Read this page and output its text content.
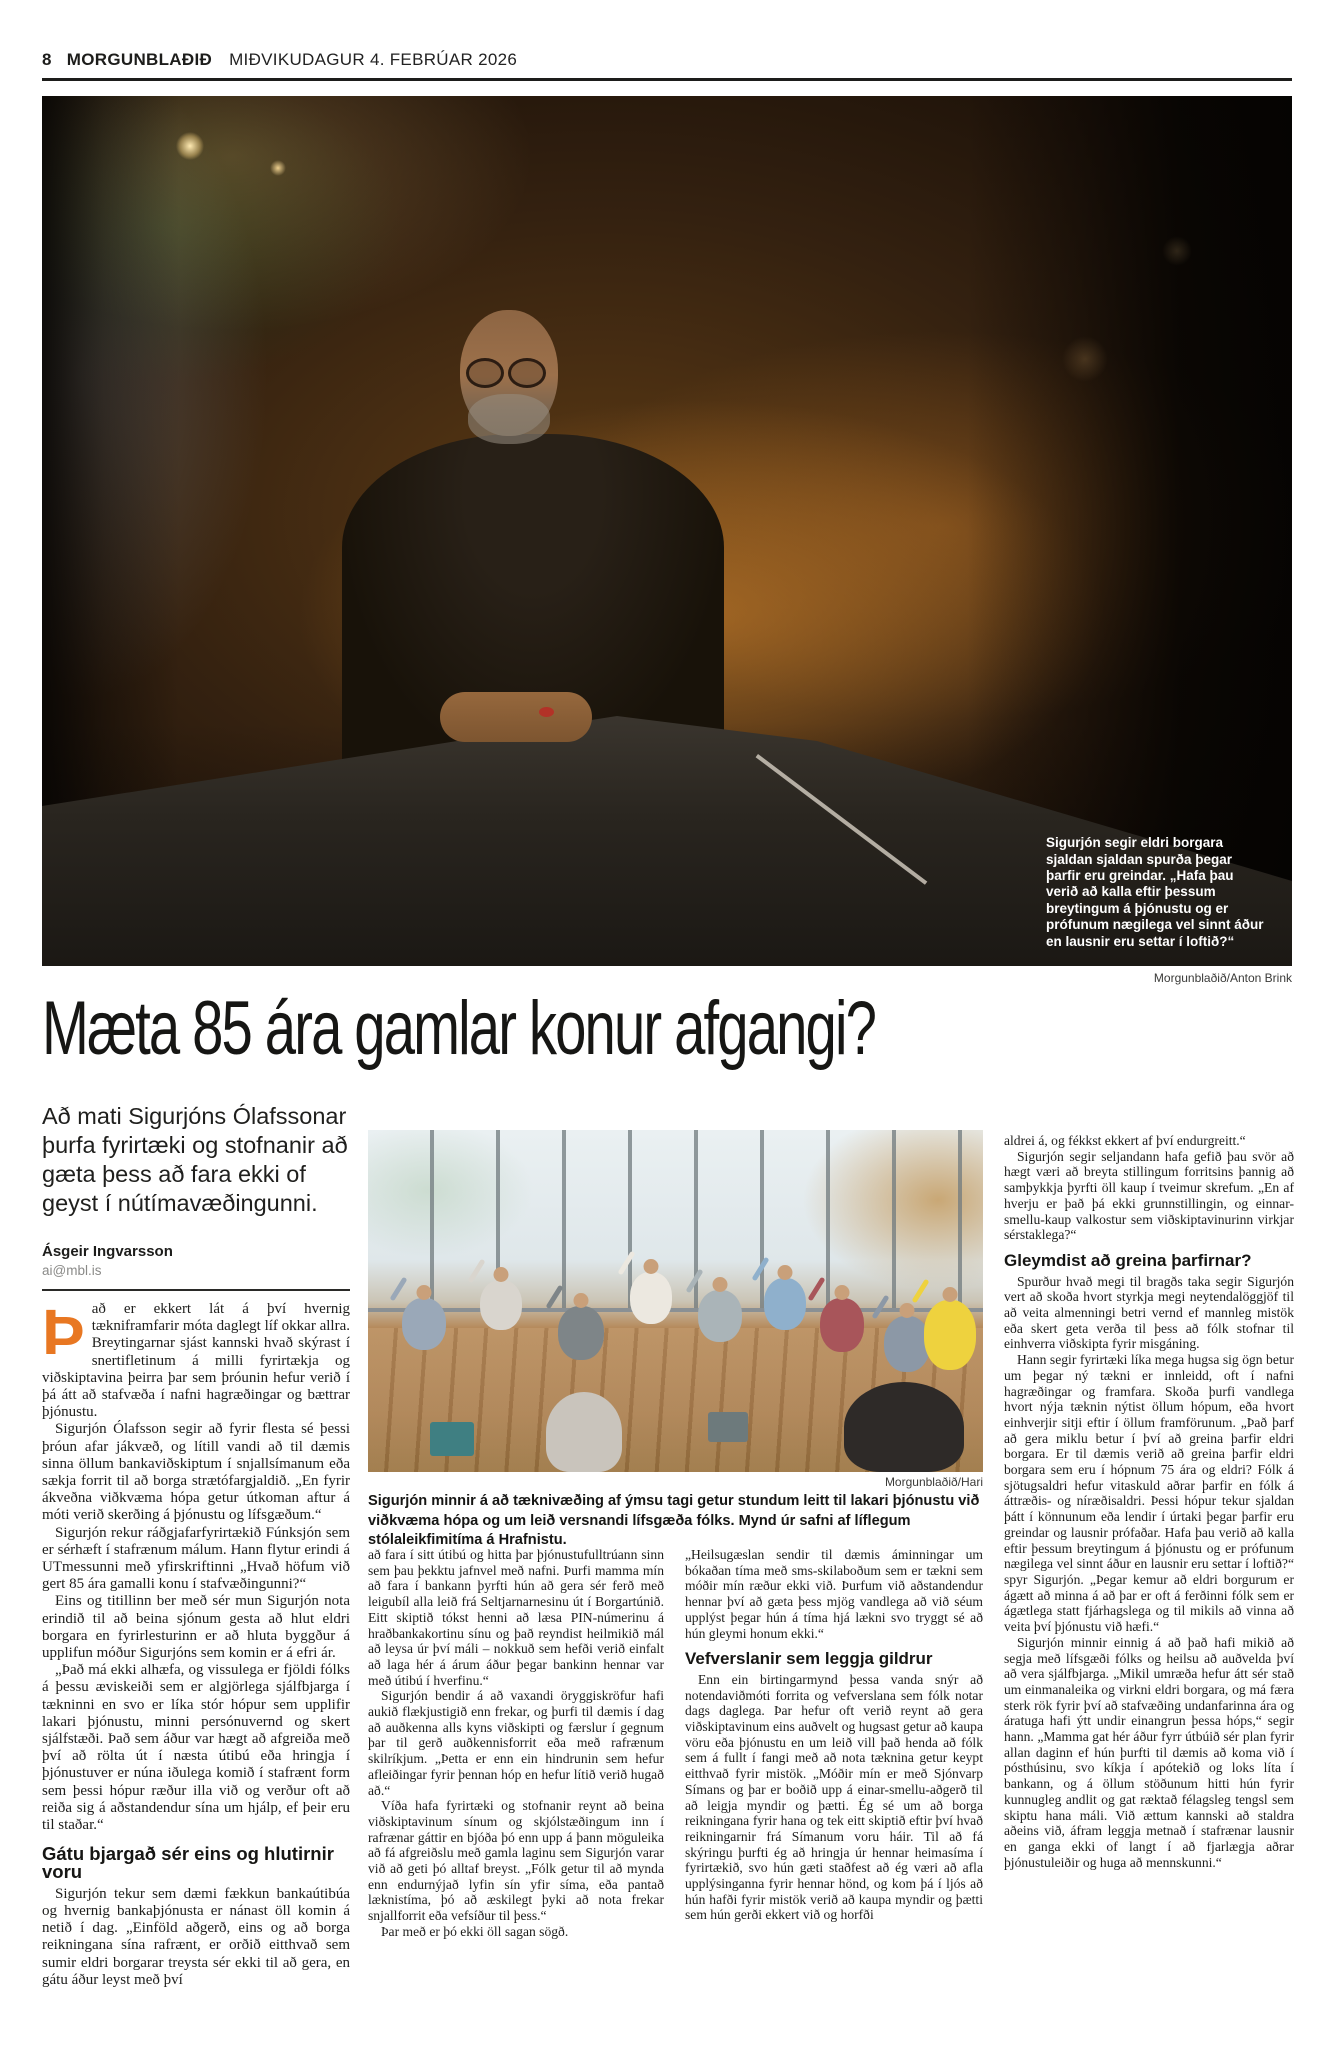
8 MORGUNBLAÐIÐ MIÐVIKUDAGUR 4. FEBRÚAR 2026
Sigurjón segir eldri borgara sjaldan sjaldan spurða þegar þarfir eru greindar. „Hafa þau verið að kalla eftir þessum breytingum á þjónustu og er prófunum nægilega vel sinnt áður en lausnir eru settar í loftið?“
Morgunblaðið/Anton Brink
Mæta 85 ára gamlar konur afgangi?
Að mati Sigurjóns Ólafssonar þurfa fyrirtæki og stofnanir að gæta þess að fara ekki of geyst í nútímavæðingunni.
Ásgeir Ingvarsson
ai@mbl.is
Morgunblaðið/Hari
Sigurjón minnir á að tæknivæðing af ýmsu tagi getur stundum leitt til lakari þjónustu við viðkvæma hópa og um leið versnandi lífsgæða fólks. Mynd úr safni af líflegum stólaleikfimitíma á Hrafnistu.

Það er ekkert lát á því hvernig tækniframfarir móta daglegt líf okkar allra. Breytingarnar sjást kannski hvað skýrast í snertifletinum á milli fyrirtækja og viðskiptavina þeirra þar sem þróunin hefur verið í þá átt að stafvæða í nafni hagræðingar og bættrar þjónustu.

Sigurjón Ólafsson segir að fyrir flesta sé þessi þróun afar jákvæð, og lítill vandi að til dæmis sinna öllum bankaviðskiptum í snjallsímanum eða sækja forrit til að borga strætófargjaldið. „En fyrir ákveðna viðkvæma hópa getur útkoman aftur á móti verið skerðing á þjónustu og lífsgæðum.“

Sigurjón rekur ráðgjafarfyrirtækið Fúnksjón sem er sérhæft í stafrænum málum. Hann flytur erindi á UTmessunni með yfirskriftinni „Hvað höfum við gert 85 ára gamalli konu í stafvæðingunni?“

Eins og titillinn ber með sér mun Sigurjón nota erindið til að beina sjónum gesta að hlut eldri borgara en fyrirlesturinn er að hluta byggður á upplifun móður Sigurjóns sem komin er á efri ár.

„Það má ekki alhæfa, og vissulega er fjöldi fólks á þessu æviskeiði sem er algjörlega sjálfbjarga í tækninni en svo er líka stór hópur sem upplifir lakari þjónustu, minni persónuvernd og skert sjálfstæði. Það sem áður var hægt að afgreiða með því að rölta út í næsta útibú eða hringja í þjónustuver er núna iðulega komið í stafrænt form sem þessi hópur ræður illa við og verður oft að reiða sig á aðstandendur sína um hjálp, ef þeir eru til staðar.“

Gátu bjargað sér eins og hlutirnir voru

Sigurjón tekur sem dæmi fækkun bankaútibúa og hvernig bankaþjónusta er nánast öll komin á netið í dag. „Einföld aðgerð, eins og að borga reikningana sína rafrænt, er orðið eitthvað sem sumir eldri borgarar treysta sér ekki til að gera, en gátu áður leyst með því

að fara í sitt útibú og hitta þar þjónustufulltrúann sinn sem þau þekktu jafnvel með nafni. Þurfi mamma mín að fara í bankann þyrfti hún að gera sér ferð með leigubíl alla leið frá Seltjarnarnesinu út í Borgartúnið. Eitt skiptið tókst henni að læsa PIN-númerinu á hraðbankakortinu sínu og það reyndist heilmikið mál að leysa úr því máli – nokkuð sem hefði verið einfalt að laga hér á árum áður þegar bankinn hennar var með útibú í hverfinu.“

Sigurjón bendir á að vaxandi öryggiskröfur hafi aukið flækjustigið enn frekar, og þurfi til dæmis í dag að auðkenna alls kyns viðskipti og færslur í gegnum þar til gerð auðkennisforrit eða með rafrænum skilríkjum. „Þetta er enn ein hindrunin sem hefur afleiðingar fyrir þennan hóp en hefur lítið verið hugað að.“

Víða hafa fyrirtæki og stofnanir reynt að beina viðskiptavinum sínum og skjólstæðingum inn í rafrænar gáttir en bjóða þó enn upp á þann möguleika að fá afgreiðslu með gamla laginu sem Sigurjón varar við að geti þó alltaf breyst. „Fólk getur til að mynda enn endurnýjað lyfin sín yfir síma, eða pantað læknistíma, þó að æskilegt þyki að nota frekar snjallforrit eða vefsíður til þess.“

Þar með er þó ekki öll sagan sögð.

„Heilsugæslan sendir til dæmis áminningar um bókaðan tíma með sms-skilaboðum sem er tækni sem móðir mín ræður ekki við. Þurfum við aðstandendur hennar því að gæta þess mjög vandlega að við séum upplýst þegar hún á tíma hjá lækni svo tryggt sé að hún gleymi honum ekki.“

Vefverslanir sem leggja gildrur

Enn ein birtingarmynd þessa vanda snýr að notendaviðmóti forrita og vefverslana sem fólk notar dags daglega. Þar hefur oft verið reynt að gera viðskiptavinum eins auðvelt og hugsast getur að kaupa vöru eða þjónustu en um leið vill það henda að fólk sem á fullt í fangi með að nota tæknina getur keypt eitthvað fyrir mistök. „Móðir mín er með Sjónvarp Símans og þar er boðið upp á einar-smellu-aðgerð til að leigja myndir og þætti. Ég sé um að borga reikningana fyrir hana og tek eitt skiptið eftir því hvað reikningarnir frá Símanum voru háir. Til að fá skýringu þurfti ég að hringja úr hennar heimasíma í fyrirtækið, svo hún gæti staðfest að ég væri að afla upplýsinganna fyrir hennar hönd, og kom þá í ljós að hún hafði fyrir mistök verið að kaupa myndir og þætti sem hún gerði ekkert við og horfði

aldrei á, og fékkst ekkert af því endurgreitt.“

Sigurjón segir seljandann hafa gefið þau svör að hægt væri að breyta stillingum forritsins þannig að samþykkja þyrfti öll kaup í tveimur skrefum. „En af hverju er það þá ekki grunnstillingin, og einnar-smellu-kaup valkostur sem viðskiptavinurinn virkjar sérstaklega?“

Gleymdist að greina þarfirnar?

Spurður hvað megi til bragðs taka segir Sigurjón vert að skoða hvort styrkja megi neytendalöggjöf til að veita almenningi betri vernd ef mannleg mistök eða skert geta verða til þess að fólk stofnar til einhverra viðskipta fyrir misgáning.

Hann segir fyrirtæki líka mega hugsa sig ögn betur um þegar ný tækni er innleidd, oft í nafni hagræðingar og framfara. Skoða þurfi vandlega hvort nýja tæknin nýtist öllum hópum, eða hvort einhverjir sitji eftir í öllum framförunum. „Það þarf að gera miklu betur í því að greina þarfir eldri borgara. Er til dæmis verið að greina þarfir eldri borgara sem eru í hópnum 75 ára og eldri? Fólk á sjötugsaldri hefur vitaskuld aðrar þarfir en fólk á áttræðis- og níræðisaldri. Þessi hópur tekur sjaldan þátt í könnunum eða lendir í úrtaki þegar þarfir eru greindar og lausnir prófaðar. Hafa þau verið að kalla eftir þessum breytingum á þjónustu og er prófunum nægilega vel sinnt áður en lausnir eru settar í loftið?“ spyr Sigurjón. „Þegar kemur að eldri borgurum er ágætt að minna á að þar er oft á ferðinni fólk sem er ágætlega statt fjárhagslega og til mikils að vinna að veita því þjónustu við hæfi.“

Sigurjón minnir einnig á að það hafi mikið að segja með lífsgæði fólks og heilsu að auðvelda því að vera sjálfbjarga. „Mikil umræða hefur átt sér stað um einmanaleika og virkni eldri borgara, og má færa sterk rök fyrir því að stafvæðing undanfarinna ára og áratuga hafi ýtt undir einangrun þessa hóps,“ segir hann. „Mamma gat hér áður fyrr útbúið sér plan fyrir allan daginn ef hún þurfti til dæmis að koma við í pósthúsinu, svo kíkja í apótekið og loks líta í bankann, og á öllum stöðunum hitti hún fyrir kunnugleg andlit og gat ræktað félagsleg tengsl sem skiptu hana máli. Við ættum kannski að staldra aðeins við, áfram leggja metnað í stafrænar lausnir en ganga ekki of langt í að fjarlægja aðrar þjónustuleiðir og huga að mennskunni.“
